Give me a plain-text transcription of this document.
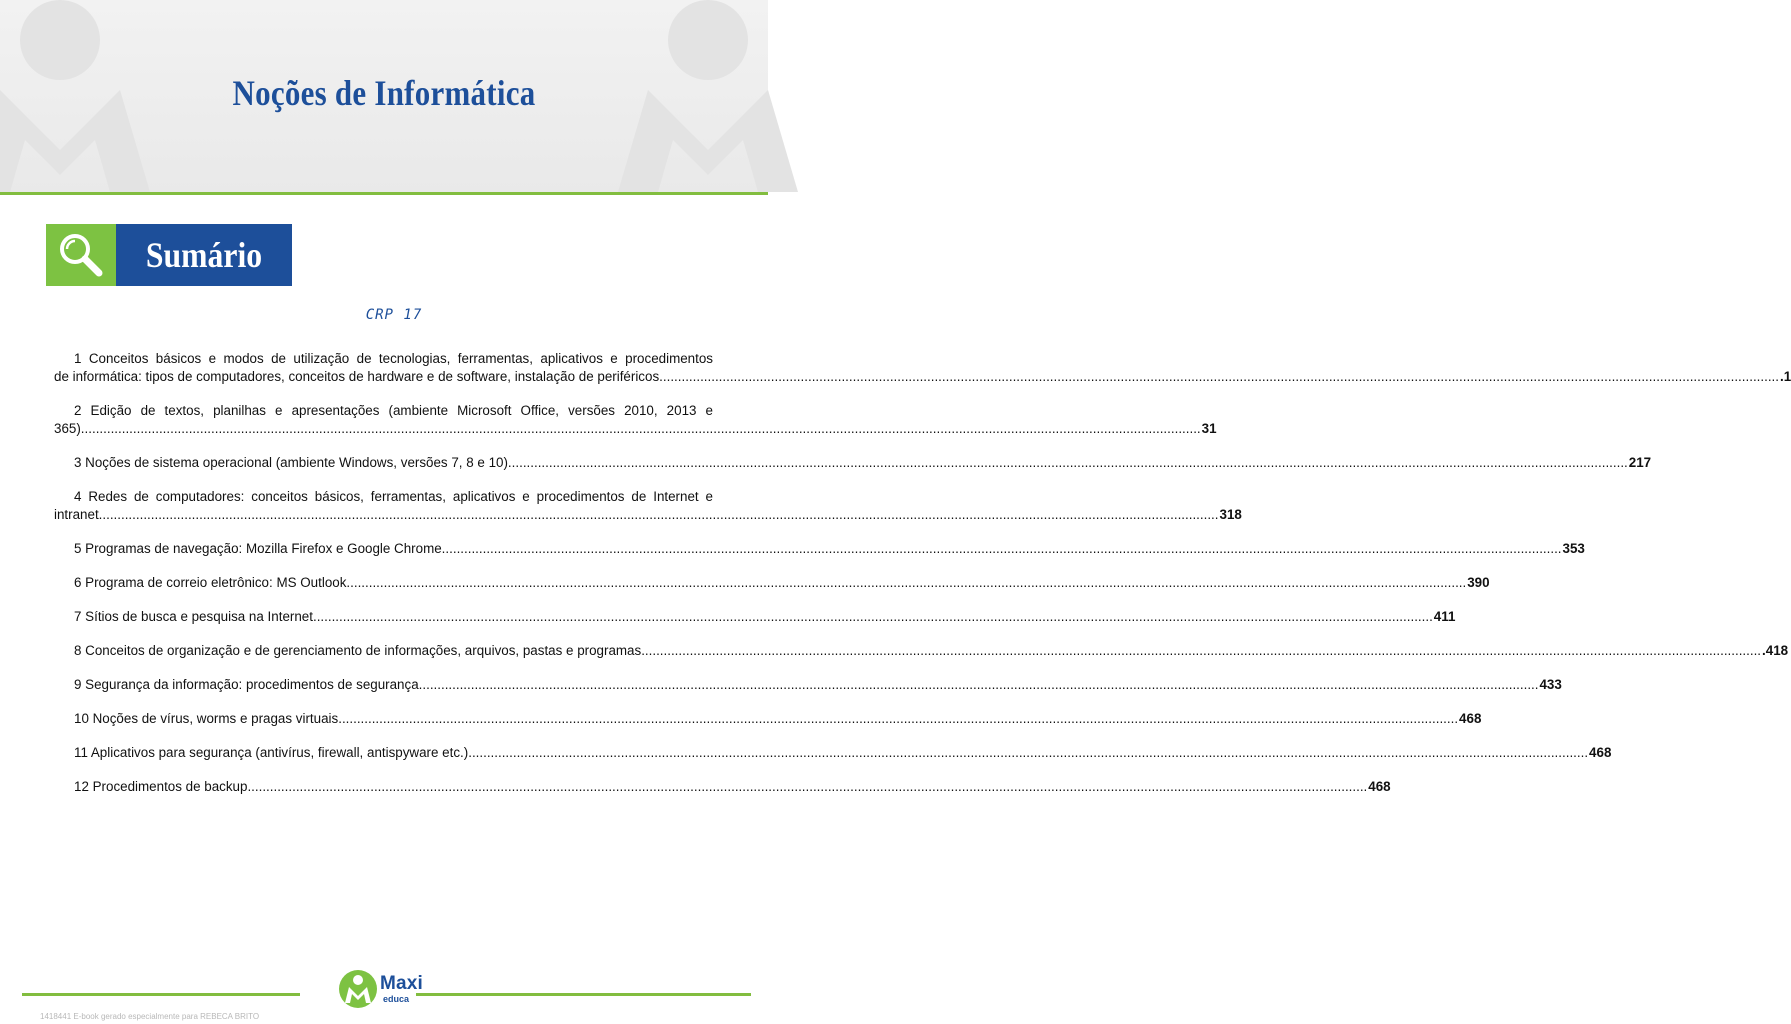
Noções de Informática
Sumário
CRP 17
1 Conceitos básicos e modos de utilização de tecnologias, ferramentas, aplicativos e procedimentos
de informática: tipos de computadores, conceitos de hardware e de software, instalação de periféricos. ............................................................................................................................................................................................................................................................................................................ .1
2 Edição de textos, planilhas e apresentações (ambiente Microsoft Office, versões 2010, 2013 e
365). ............................................................................................................................................................................................................................................................................................................ 31
3 Noções de sistema operacional (ambiente Windows, versões 7, 8 e 10). ............................................................................................................................................................................................................................................................................................................ 217
4 Redes de computadores: conceitos básicos, ferramentas, aplicativos e procedimentos de Internet e
intranet. ............................................................................................................................................................................................................................................................................................................ 318
5 Programas de navegação: Mozilla Firefox e Google Chrome. ............................................................................................................................................................................................................................................................................................................ 353
6 Programa de correio eletrônico: MS Outlook. ............................................................................................................................................................................................................................................................................................................ 390
7 Sítios de busca e pesquisa na Internet. ............................................................................................................................................................................................................................................................................................................ 411
8 Conceitos de organização e de gerenciamento de informações, arquivos, pastas e programas. ............................................................................................................................................................................................................................................................................................................ .418
9 Segurança da informação: procedimentos de segurança. ............................................................................................................................................................................................................................................................................................................ 433
10 Noções de vírus, worms e pragas virtuais. ............................................................................................................................................................................................................................................................................................................ 468
11 Aplicativos para segurança (antivírus, firewall, antispyware etc.). ............................................................................................................................................................................................................................................................................................................ 468
12 Procedimentos de backup. ............................................................................................................................................................................................................................................................................................................ 468
Maxi
educa
1418441 E-book gerado especialmente para REBECA BRITO
